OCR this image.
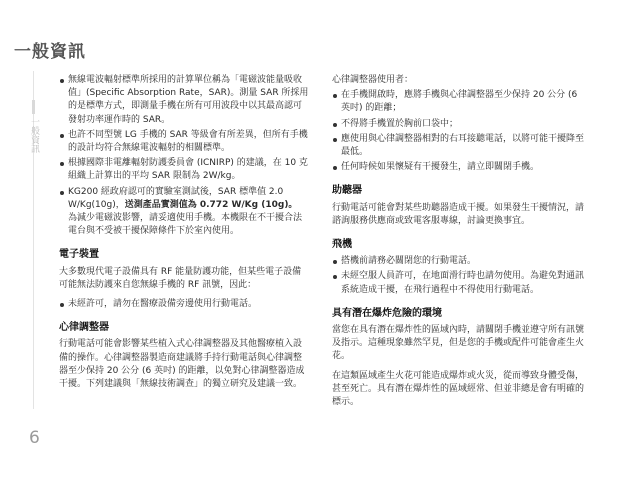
一般資訊
一般資訊
6
無線電波輻射標準所採用的計算單位稱為「電磁波能量吸收值」(Specific Absorption Rate，SAR)。測量 SAR 所採用的是標準方式，即測量手機在所有可用波段中以其最高認可發射功率運作時的 SAR。
也許不同型號 LG 手機的 SAR 等級會有所差異，但所有手機的設計均符合無線電波輻射的相關標準。
根據國際非電離輻射防護委員會 (ICNIRP) 的建議，在 10 克組織上計算出的平均 SAR 限制為 2W/kg。
KG200 經政府認可的實驗室測試後，SAR 標準值 2.0 W/Kg(10g)，送測產品實測值為 0.772 W/Kg (10g)。
為減少電磁波影響，請妥適使用手機。本機限在不干擾合法電台與不受被干擾保障條件下於室內使用。
電子裝置

大多數現代電子設備具有 RF 能量防護功能，但某些電子設備可能無法防護來自您無線手機的 RF 訊號，因此：

未經許可，請勿在醫療設備旁邊使用行動電話。
心律調整器

行動電話可能會影響某些植入式心律調整器及其他醫療植入設備的操作。心律調整器製造商建議將手持行動電話與心律調整器至少保持 20 公分 (6 英吋) 的距離，以免對心律調整器造成干擾。下列建議與「無線技術調查」的獨立研究及建議一致。

心律調整器使用者：

在手機開啟時，應將手機與心律調整器至少保持 20 公分 (6 英吋) 的距離；
不得將手機置於胸前口袋中；
應使用與心律調整器相對的右耳接聽電話，以將可能干擾降至最低。
任何時候如果懷疑有干擾發生，請立即關閉手機。
助聽器

行動電話可能會對某些助聽器造成干擾。如果發生干擾情況，請諮詢服務供應商或致電客服專線，討論更換事宜。

飛機
搭機前請務必關閉您的行動電話。
未經空服人員許可，在地面滑行時也請勿使用。為避免對通訊系統造成干擾，在飛行過程中不得使用行動電話。
具有潛在爆炸危險的環境

當您在具有潛在爆炸性的區域內時，請關閉手機並遵守所有訊號及指示。這種現象雖然罕見，但是您的手機或配件可能會產生火花。

在這類區域產生火花可能造成爆炸或火災，從而導致身體受傷，甚至死亡。具有潛在爆炸性的區域經常、但並非總是會有明確的標示。
